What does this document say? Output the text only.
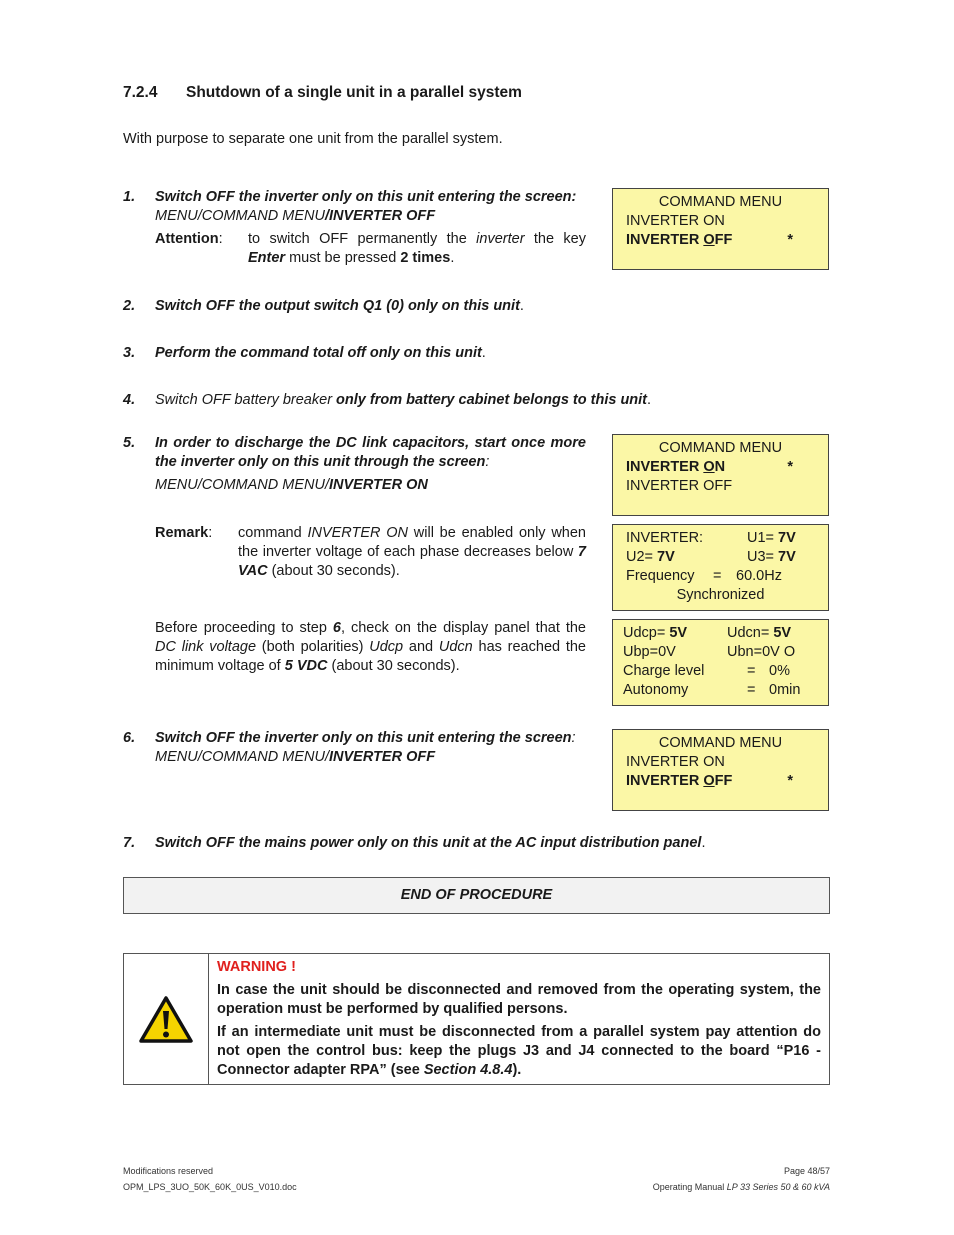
7.2.4 Shutdown of a single unit in a parallel system
With purpose to separate one unit from the parallel system.
1. Switch OFF the inverter only on this unit entering the screen:
MENU/COMMAND MENU/INVERTER OFF
Attention: to switch OFF permanently the inverter the key Enter must be pressed 2 times.
COMMAND MENU
INVERTER ON
INVERTER OFF	*
2. Switch OFF the output switch Q1 (0) only on this unit.
3. Perform the command total off only on this unit.
4. Switch OFF battery breaker only from battery cabinet belongs to this unit.
5. In order to discharge the DC link capacitors, start once more the inverter only on this unit through the screen:
MENU/COMMAND MENU/INVERTER ON
Remark: command INVERTER ON will be enabled only when the inverter voltage of each phase decreases below 7 VAC (about 30 seconds).
Before proceeding to step 6, check on the display panel that the DC link voltage (both polarities) Udcp and Udcn has reached the minimum voltage of 5 VDC (about 30 seconds).
COMMAND MENU
INVERTER ON	*
INVERTER OFF
INVERTER:	U1= 7V
U2= 7V	U3= 7V
Frequency = 60.0Hz
Synchronized
Udcp= 5V	Udcn= 5V
Ubp=0V	Ubn=0V O
Charge level	= 0%
Autonomy	= 0min
6. Switch OFF the inverter only on this unit entering the screen:
MENU/COMMAND MENU/INVERTER OFF
COMMAND MENU
INVERTER ON
INVERTER OFF	*
7. Switch OFF the mains power only on this unit at the AC input distribution panel.
END OF PROCEDURE
WARNING !
In case the unit should be disconnected and removed from the operating system, the operation must be performed by qualified persons.
If an intermediate unit must be disconnected from a parallel system pay attention do not open the control bus: keep the plugs J3 and J4 connected to the board “P16 - Connector adapter RPA” (see Section 4.8.4).
Modifications reserved
OPM_LPS_3UO_50K_60K_0US_V010.doc
Page 48/57
Operating Manual LP 33 Series 50 & 60 kVA
